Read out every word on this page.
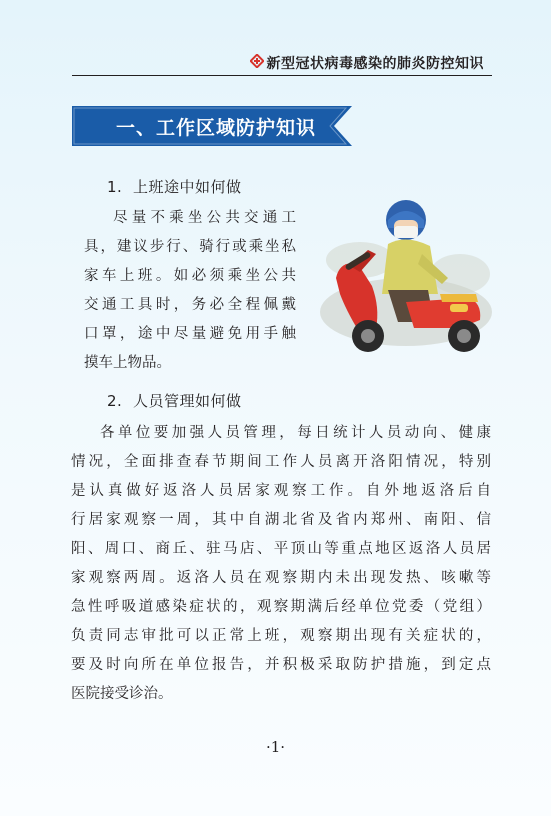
新型冠状病毒感染的肺炎防控知识
一、工作区域防护知识
1. 上班途中如何做
尽量不乘坐公共交通工
具，建议步行、骑行或乘坐私
家车上班。如必须乘坐公共
交通工具时，务必全程佩戴
口罩，途中尽量避免用手触
摸车上物品。
2. 人员管理如何做
各单位要加强人员管理，每日统计人员动向、健康
情况，全面排查春节期间工作人员离开洛阳情况，特别
是认真做好返洛人员居家观察工作。自外地返洛后自
行居家观察一周，其中自湖北省及省内郑州、南阳、信
阳、周口、商丘、驻马店、平顶山等重点地区返洛人员居
家观察两周。返洛人员在观察期内未出现发热、咳嗽等
急性呼吸道感染症状的，观察期满后经单位党委（党组）
负责同志审批可以正常上班，观察期出现有关症状的，
要及时向所在单位报告，并积极采取防护措施，到定点
医院接受诊治。
·1·
